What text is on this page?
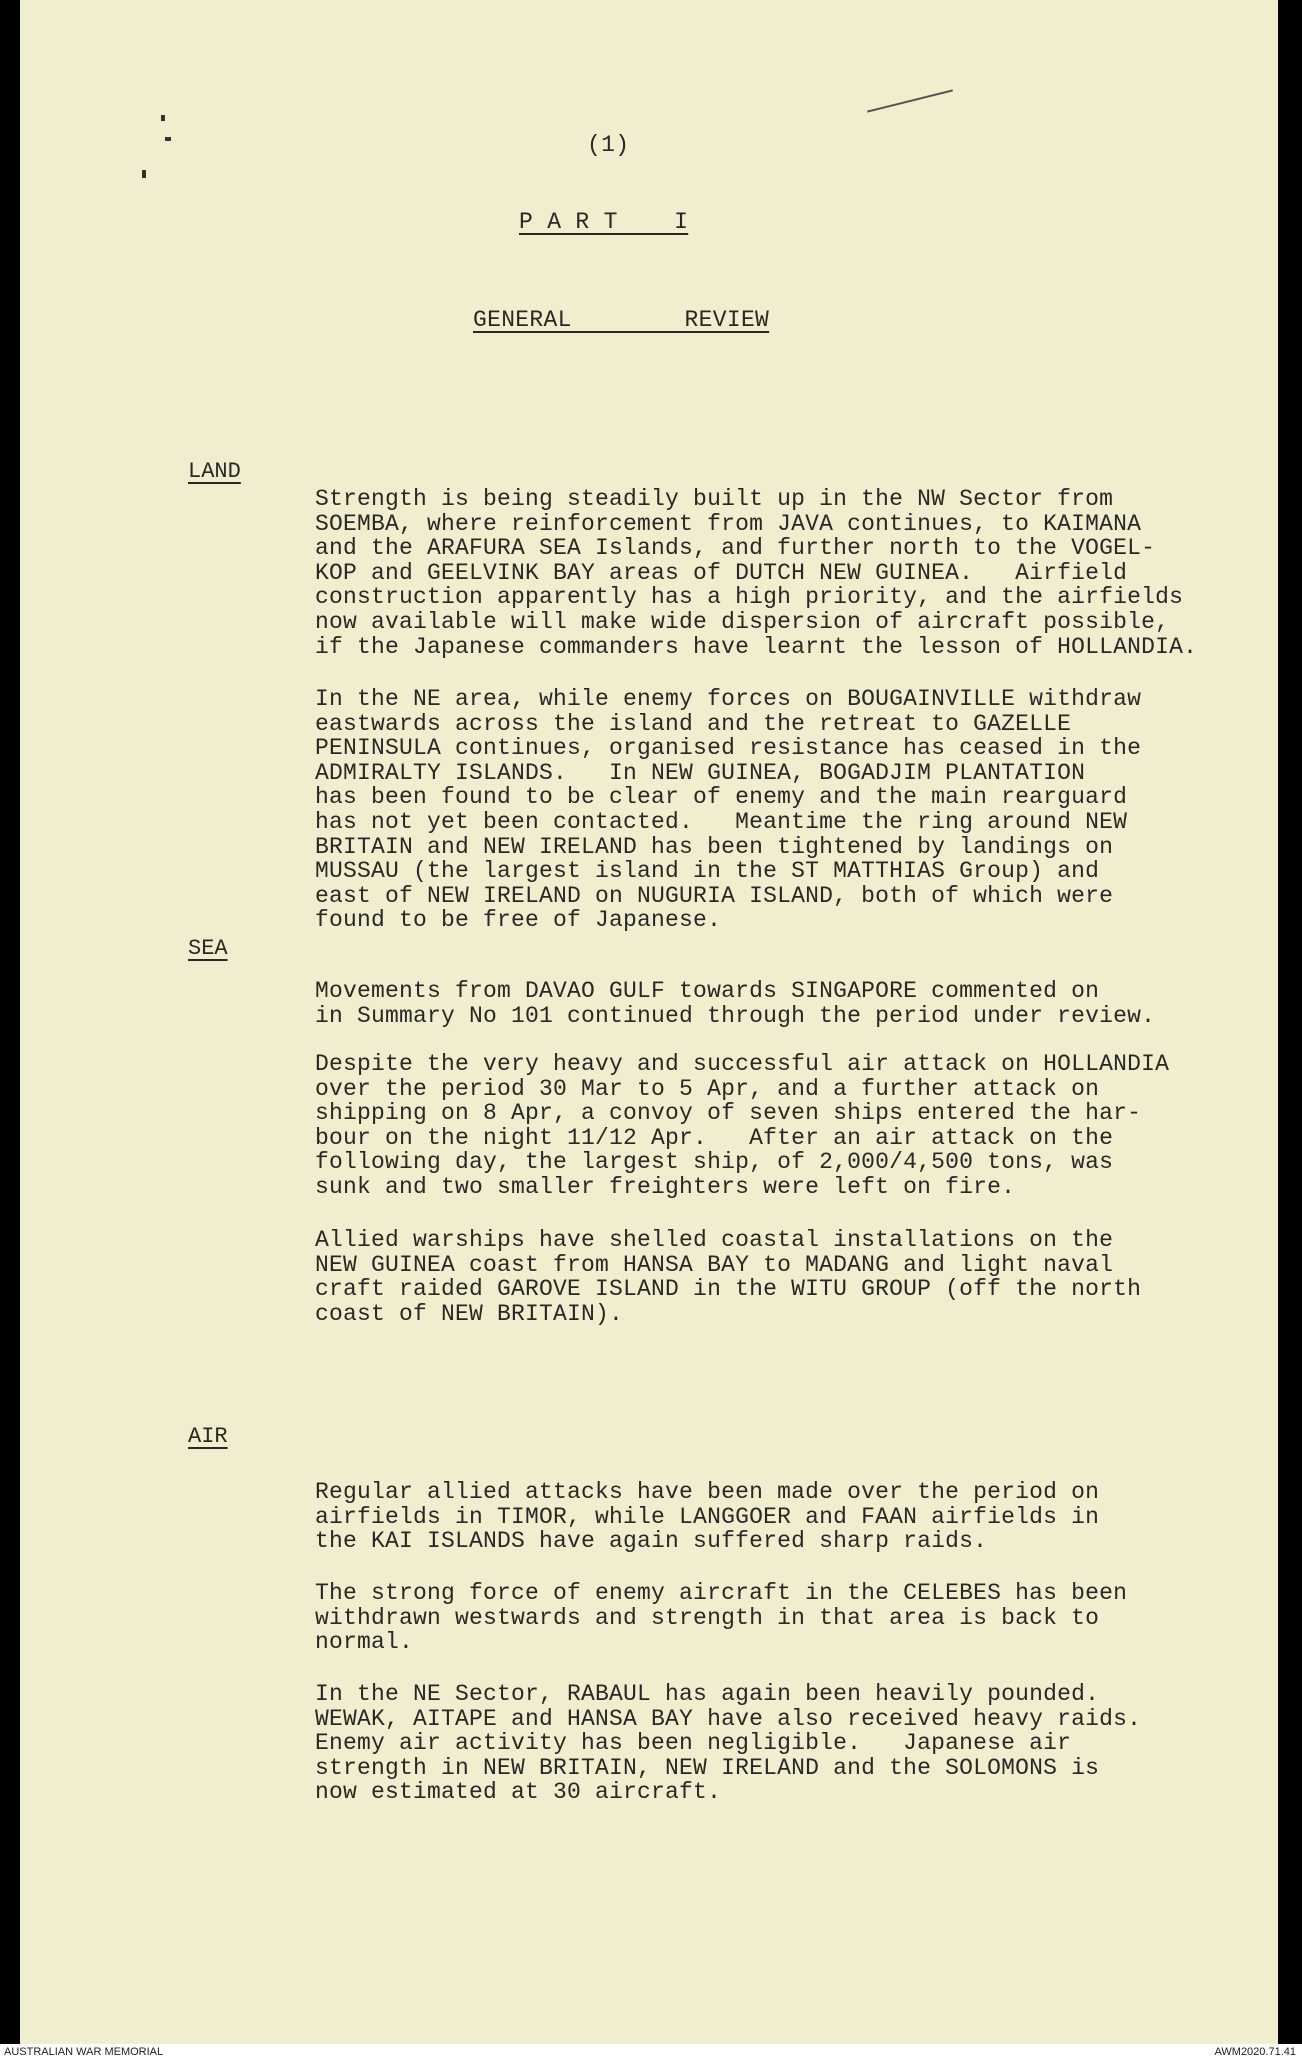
(1)
P A R T    I
GENERAL        REVIEW
LAND
Strength is being steadily built up in the NW Sector from
SOEMBA, where reinforcement from JAVA continues, to KAIMANA
and the ARAFURA SEA Islands, and further north to the VOGEL-
KOP and GEELVINK BAY areas of DUTCH NEW GUINEA.   Airfield
construction apparently has a high priority, and the airfields
now available will make wide dispersion of aircraft possible,
if the Japanese commanders have learnt the lesson of HOLLANDIA.
In the NE area, while enemy forces on BOUGAINVILLE withdraw
eastwards across the island and the retreat to GAZELLE
PENINSULA continues, organised resistance has ceased in the
ADMIRALTY ISLANDS.   In NEW GUINEA, BOGADJIM PLANTATION
has been found to be clear of enemy and the main rearguard
has not yet been contacted.   Meantime the ring around NEW
BRITAIN and NEW IRELAND has been tightened by landings on
MUSSAU (the largest island in the ST MATTHIAS Group) and
east of NEW IRELAND on NUGURIA ISLAND, both of which were
found to be free of Japanese.
SEA
Movements from DAVAO GULF towards SINGAPORE commented on
in Summary No 101 continued through the period under review.
Despite the very heavy and successful air attack on HOLLANDIA
over the period 30 Mar to 5 Apr, and a further attack on
shipping on 8 Apr, a convoy of seven ships entered the har-
bour on the night 11/12 Apr.   After an air attack on the
following day, the largest ship, of 2,000/4,500 tons, was
sunk and two smaller freighters were left on fire.
Allied warships have shelled coastal installations on the
NEW GUINEA coast from HANSA BAY to MADANG and light naval
craft raided GAROVE ISLAND in the WITU GROUP (off the north
coast of NEW BRITAIN).
AIR
Regular allied attacks have been made over the period on
airfields in TIMOR, while LANGGOER and FAAN airfields in
the KAI ISLANDS have again suffered sharp raids.
The strong force of enemy aircraft in the CELEBES has been
withdrawn westwards and strength in that area is back to
normal.
In the NE Sector, RABAUL has again been heavily pounded.
WEWAK, AITAPE and HANSA BAY have also received heavy raids.
Enemy air activity has been negligible.   Japanese air
strength in NEW BRITAIN, NEW IRELAND and the SOLOMONS is
now estimated at 30 aircraft.
AUSTRALIAN WAR MEMORIAL	AWM2020.71.41
